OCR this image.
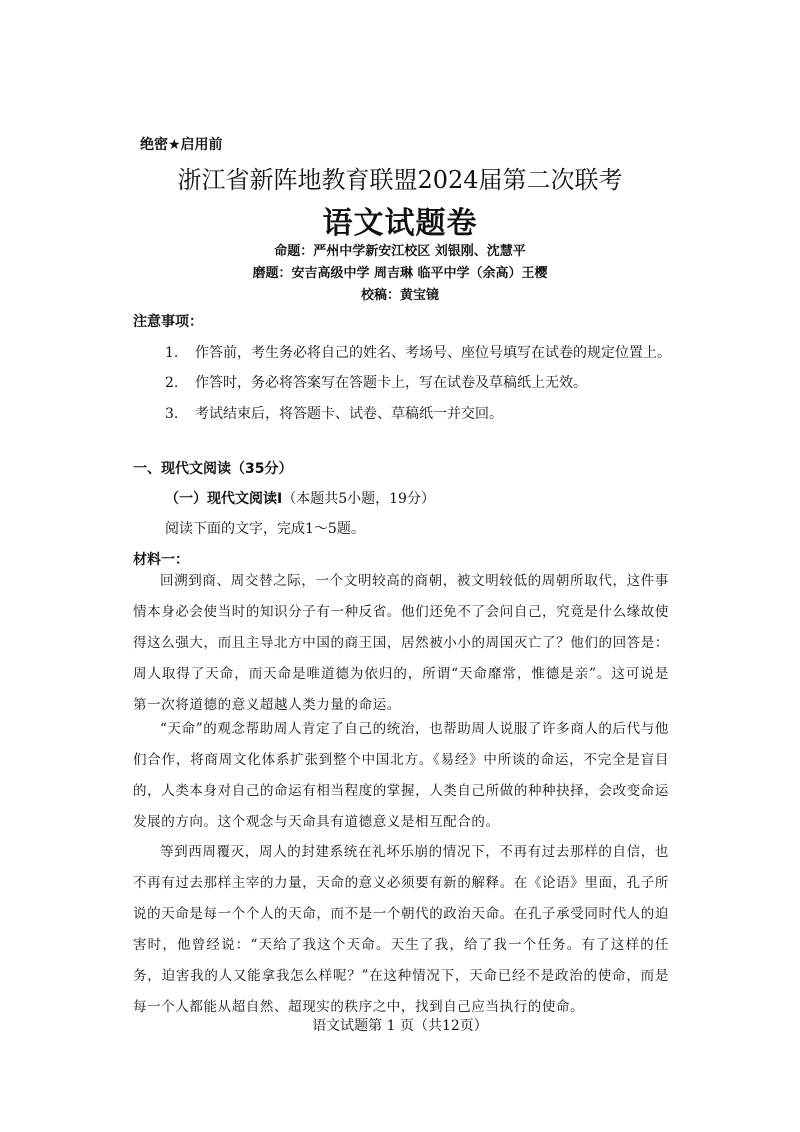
绝密★启用前
浙江省新阵地教育联盟2024届第二次联考
语文试题卷
命题：严州中学新安江校区 刘银刚、沈慧平
磨题：安吉高级中学 周吉琳 临平中学（余高）王樱
校稿：黄宝镜
注意事项：
1. 作答前，考生务必将自己的姓名、考场号、座位号填写在试卷的规定位置上。
2. 作答时，务必将答案写在答题卡上，写在试卷及草稿纸上无效。
3. 考试结束后，将答题卡、试卷、草稿纸一并交回。
一、现代文阅读（35分）
（一）现代文阅读Ⅰ（本题共5小题，19分）
阅读下面的文字，完成1～5题。
材料一：
回溯到商、周交替之际，一个文明较高的商朝，被文明较低的周朝所取代，这件事情本身必会使当时的知识分子有一种反省。他们还免不了会问自己，究竟是什么缘故使得这么强大，而且主导北方中国的商王国，居然被小小的周国灭亡了？他们的回答是：周人取得了天命，而天命是唯道德为依归的，所谓“天命靡常，惟德是亲”。这可说是第一次将道德的意义超越人类力量的命运。
“天命”的观念帮助周人肯定了自己的统治，也帮助周人说服了许多商人的后代与他们合作，将商周文化体系扩张到整个中国北方。《易经》中所谈的命运，不完全是盲目的，人类本身对自己的命运有相当程度的掌握，人类自己所做的种种抉择，会改变命运发展的方向。这个观念与天命具有道德意义是相互配合的。
等到西周覆灭，周人的封建系统在礼坏乐崩的情况下，不再有过去那样的自信，也不再有过去那样主宰的力量，天命的意义必须要有新的解释。在《论语》里面，孔子所说的天命是每一个个人的天命，而不是一个朝代的政治天命。在孔子承受同时代人的迫害时，他曾经说：“天给了我这个天命。天生了我，给了我一个任务。有了这样的任务，迫害我的人又能拿我怎么样呢？”在这种情况下，天命已经不是政治的使命，而是每一个人都能从超自然、超现实的秩序之中，找到自己应当执行的使命。
语文试题第 1 页（共12页）
